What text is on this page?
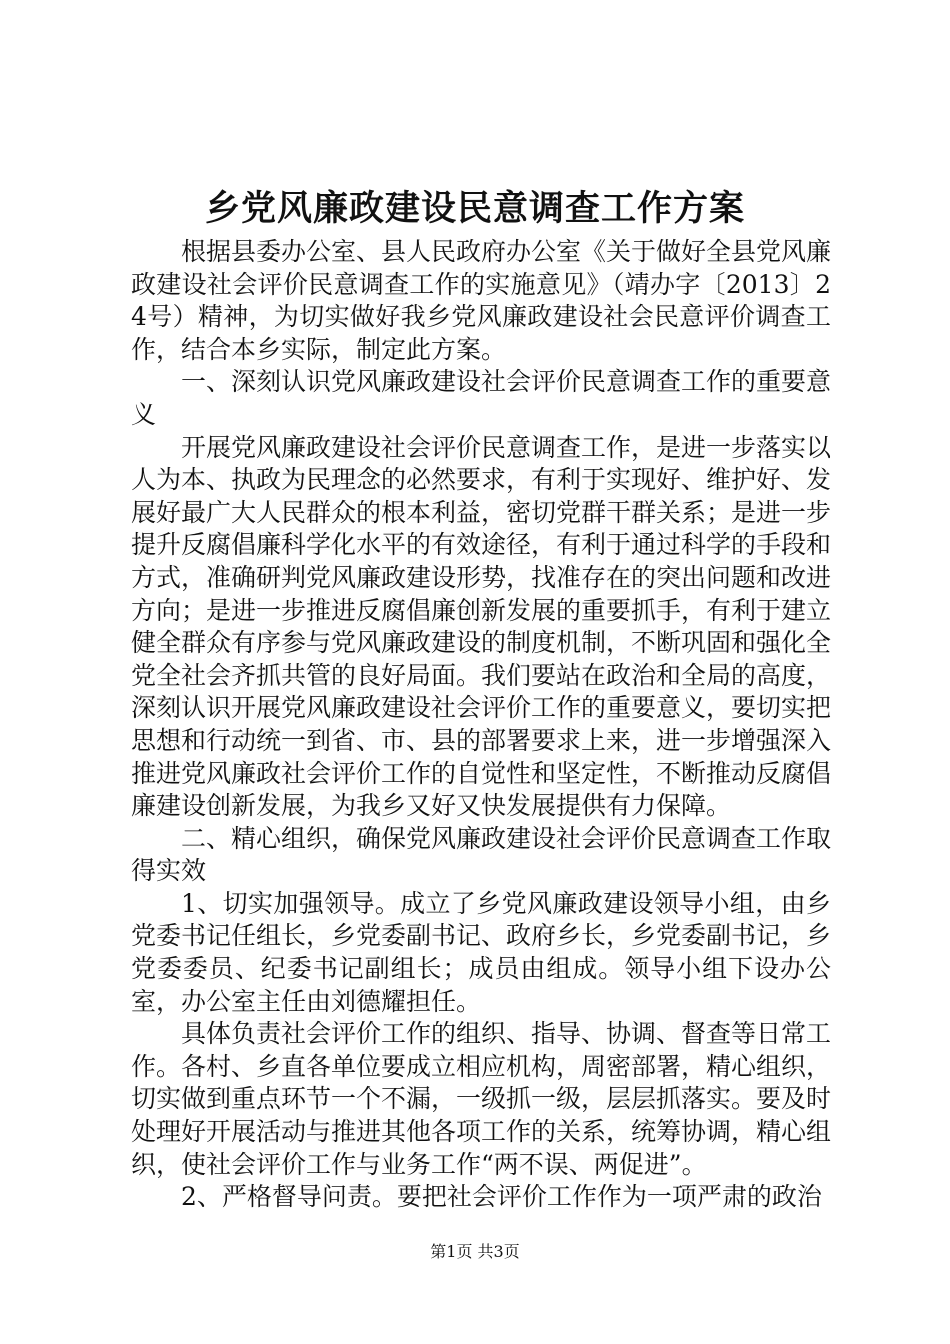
乡党风廉政建设民意调查工作方案

根据县委办公室、县人民政府办公室《关于做好全县党风廉政建设社会评价民意调查工作的实施意见》（靖办字〔2013〕24号）精神，为切实做好我乡党风廉政建设社会民意评价调查工作，结合本乡实际，制定此方案。

一、深刻认识党风廉政建设社会评价民意调查工作的重要意义

开展党风廉政建设社会评价民意调查工作，是进一步落实以人为本、执政为民理念的必然要求，有利于实现好、维护好、发展好最广大人民群众的根本利益，密切党群干群关系；是进一步提升反腐倡廉科学化水平的有效途径，有利于通过科学的手段和方式，准确研判党风廉政建设形势，找准存在的突出问题和改进方向；是进一步推进反腐倡廉创新发展的重要抓手，有利于建立健全群众有序参与党风廉政建设的制度机制，不断巩固和强化全党全社会齐抓共管的良好局面。我们要站在政治和全局的高度，深刻认识开展党风廉政建设社会评价工作的重要意义，要切实把思想和行动统一到省、市、县的部署要求上来，进一步增强深入推进党风廉政社会评价工作的自觉性和坚定性，不断推动反腐倡廉建设创新发展，为我乡又好又快发展提供有力保障。

二、精心组织，确保党风廉政建设社会评价民意调查工作取得实效

1、切实加强领导。成立了乡党风廉政建设领导小组，由乡党委书记任组长，乡党委副书记、政府乡长，乡党委副书记，乡党委委员、纪委书记副组长；成员由组成。领导小组下设办公室，办公室主任由刘德耀担任。

具体负责社会评价工作的组织、指导、协调、督查等日常工作。各村、乡直各单位要成立相应机构，周密部署，精心组织，切实做到重点环节一个不漏，一级抓一级，层层抓落实。要及时处理好开展活动与推进其他各项工作的关系，统筹协调，精心组织，使社会评价工作与业务工作“两不误、两促进”。

2、严格督导问责。要把社会评价工作作为一项严肃的政治

第1页 共3页
